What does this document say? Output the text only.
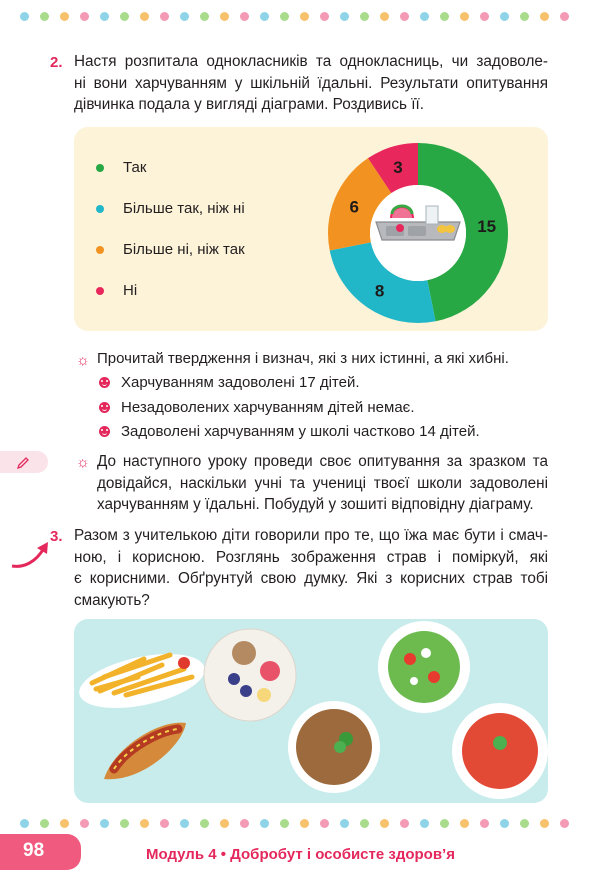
2. Настя розпитала однокласників та однокласниць, чи задоволе-
ні вони харчуванням у шкільній їдальні. Результати опитування
дівчинка подала у вигляді діаграми. Роздивись її.
Так
Більше так, ніж ні
Більше ні, ніж так
Ні
15
8
6
3
☼ Прочитай твердження і визнач, які з них істинні, а які хибні.
Харчуванням задоволені 17 дітей.
Незадоволених харчуванням дітей немає.
Задоволені харчуванням у школі частково 14 дітей.
☼ До наступного уроку проведи своє опитування за зразком та
довідайся, наскільки учні та учениці твоєї школи задоволені
харчуванням у їдальні. Побудуй у зошиті відповідну діаграму.
3. Разом з учителькою діти говорили про те, що їжа має бути і смач-
ною, і корисною. Розглянь зображення страв і поміркуй, які
є корисними. Обґрунтуй свою думку. Які з корисних страв тобі
смакують?
98	Модуль 4 • Добробут і особисте здоров’я
